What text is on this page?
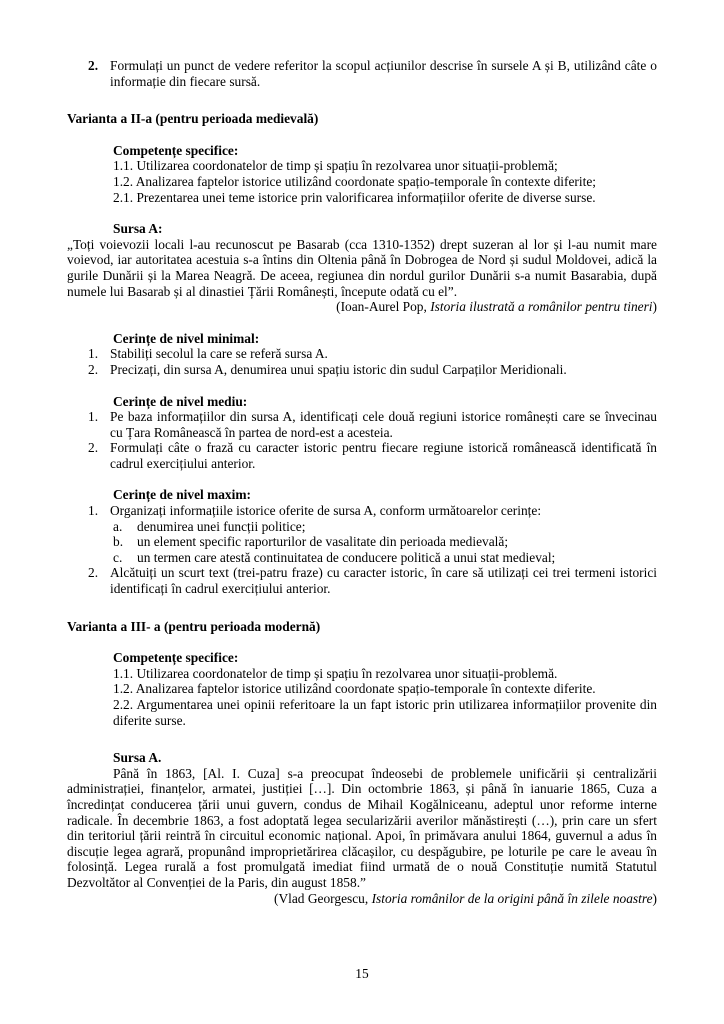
2. Formulați un punct de vedere referitor la scopul acțiunilor descrise în sursele A și B, utilizând câte o informație din fiecare sursă.
Varianta a II-a (pentru perioada medievală)
Competențe specifice:
1.1. Utilizarea coordonatelor de timp și spațiu în rezolvarea unor situații-problemă;
1.2. Analizarea faptelor istorice utilizând coordonate spațio-temporale în contexte diferite;
2.1. Prezentarea unei teme istorice prin valorificarea informațiilor oferite de diverse surse.
Sursa A:
„Toți voievozii locali l-au recunoscut pe Basarab (cca 1310-1352) drept suzeran al lor și l-au numit mare voievod, iar autoritatea acestuia s-a întins din Oltenia până în Dobrogea de Nord și sudul Moldovei, adică la gurile Dunării și la Marea Neagră. De aceea, regiunea din nordul gurilor Dunării s-a numit Basarabia, după numele lui Basarab și al dinastiei Țării Românești, începute odată cu el”.
(Ioan-Aurel Pop, Istoria ilustrată a românilor pentru tineri)
Cerințe de nivel minimal:
1. Stabiliți secolul la care se referă sursa A.
2. Precizați, din sursa A, denumirea unui spațiu istoric din sudul Carpaților Meridionali.
Cerințe de nivel mediu:
1. Pe baza informațiilor din sursa A, identificați cele două regiuni istorice românești care se învecinau cu Țara Românească în partea de nord-est a acesteia.
2. Formulați câte o frază cu caracter istoric pentru fiecare regiune istorică românească identificată în cadrul exercițiului anterior.
Cerințe de nivel maxim:
1. Organizați informațiile istorice oferite de sursa A, conform următoarelor cerințe:
a.	denumirea unei funcții politice;
b.	un element specific raporturilor de vasalitate din perioada medievală;
c.	un termen care atestă continuitatea de conducere politică a unui stat medieval;
2. Alcătuiți un scurt text (trei-patru fraze) cu caracter istoric, în care să utilizați cei trei termeni istorici identificați în cadrul exercițiului anterior.
Varianta a III- a (pentru perioada modernă)
Competențe specifice:
1.1. Utilizarea coordonatelor de timp și spațiu în rezolvarea unor situații-problemă.
1.2. Analizarea faptelor istorice utilizând coordonate spațio-temporale în contexte diferite.
2.2. Argumentarea unei opinii referitoare la un fapt istoric prin utilizarea informațiilor provenite din diferite surse.
Sursa A.
Până în 1863, [Al. I. Cuza] s-a preocupat îndeosebi de problemele unificării și centralizării administrației, finanțelor, armatei, justiției […]. Din octombrie 1863, și până în ianuarie 1865, Cuza a încredințat conducerea țării unui guvern, condus de Mihail Kogălniceanu, adeptul unor reforme interne radicale. În decembrie 1863, a fost adoptată legea secularizării averilor mănăstirești (…), prin care un sfert din teritoriul țării reintră în circuitul economic național. Apoi, în primăvara anului 1864, guvernul a adus în discuție legea agrară, propunând improprietărirea clăcașilor, cu despăgubire, pe loturile pe care le aveau în folosință. Legea rurală a fost promulgată imediat fiind urmată de o nouă Constituție numită Statutul Dezvoltător al Convenției de la Paris, din august 1858.”
(Vlad Georgescu, Istoria românilor de la origini până în zilele noastre)
15
